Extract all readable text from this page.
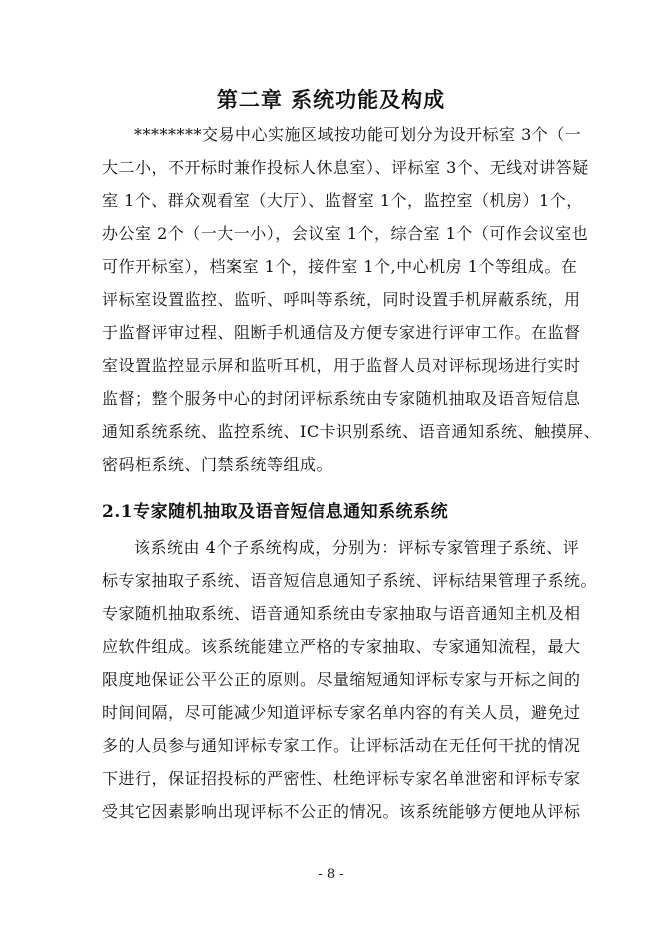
第二章 系统功能及构成
********交易中心实施区域按功能可划分为设开标室 3个（一
大二小，不开标时兼作投标人休息室）、评标室 3个、无线对讲答疑
室 1个、群众观看室（大厅）、监督室 1个，监控室（机房）1个，
办公室 2个（一大一小），会议室 1个，综合室 1个（可作会议室也
可作开标室），档案室 1个，接件室 1个,中心机房 1个等组成。在
评标室设置监控、监听、呼叫等系统，同时设置手机屏蔽系统，用
于监督评审过程、阻断手机通信及方便专家进行评审工作。在监督
室设置监控显示屏和监听耳机，用于监督人员对评标现场进行实时
监督；整个服务中心的封闭评标系统由专家随机抽取及语音短信息
通知系统系统、监控系统、IC卡识别系统、语音通知系统、触摸屏、
密码柜系统、门禁系统等组成。
2.1专家随机抽取及语音短信息通知系统系统
该系统由 4个子系统构成，分别为：评标专家管理子系统、评
标专家抽取子系统、语音短信息通知子系统、评标结果管理子系统。
专家随机抽取系统、语音通知系统由专家抽取与语音通知主机及相
应软件组成。该系统能建立严格的专家抽取、专家通知流程，最大
限度地保证公平公正的原则。尽量缩短通知评标专家与开标之间的
时间间隔，尽可能减少知道评标专家名单内容的有关人员，避免过
多的人员参与通知评标专家工作。让评标活动在无任何干扰的情况
下进行，保证招投标的严密性、杜绝评标专家名单泄密和评标专家
受其它因素影响出现评标不公正的情况。该系统能够方便地从评标
- 8 -
